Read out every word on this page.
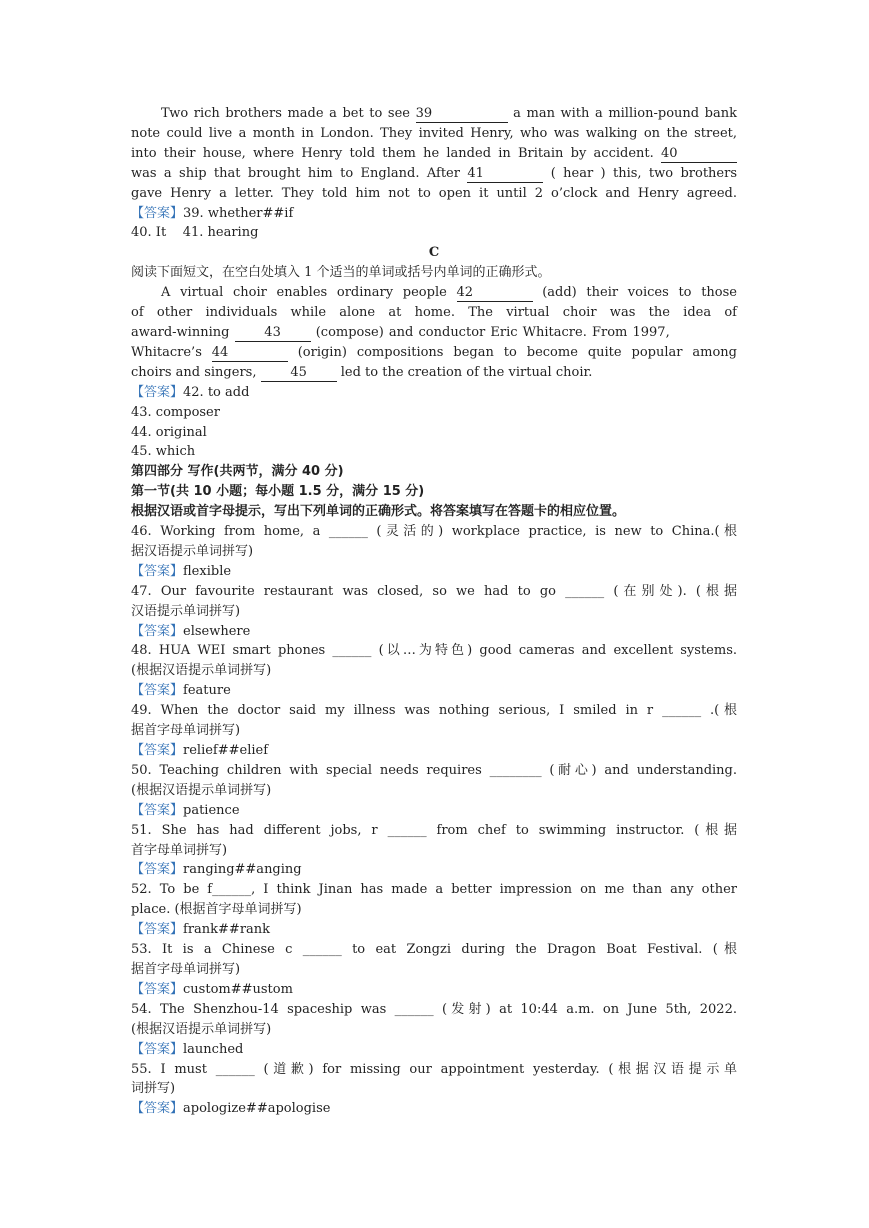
Two rich brothers made a bet to see 39	a man with a million-pound bank
note could live a month in London. They invited Henry, who was walking on the street,
into their house, where Henry told them he landed in Britain by accident. 40
was a ship that brought him to England. After 41	( hear ) this, two brothers
gave Henry a letter. They told him not to open it until 2 o’clock and Henry agreed.
【答案】39. whether##if
40. It    41. hearing
C
阅读下面短文，在空白处填入 1 个适当的单词或括号内单词的正确形式。
A virtual choir enables ordinary people 42	(add) their voices to those
of other individuals while alone at home. The virtual choir was the idea of
award-winning 43 (compose) and conductor Eric Whitacre. From 1997,
Whitacre’s 44	(origin) compositions began to become quite popular among
choirs and singers, 45 led to the creation of the virtual choir.
【答案】42. to add
43. composer
44. original
45. which
第四部分 写作(共两节，满分 40 分)
第一节(共 10 小题；每小题 1.5 分，满分 15 分)
根据汉语或首字母提示，写出下列单词的正确形式。将答案填写在答题卡的相应位置。
46. Working from home, a ______ (灵活的) workplace practice, is new to China.(根
据汉语提示单词拼写)
【答案】flexible
47. Our favourite restaurant was closed, so we had to go ______ (在别处). (根据
汉语提示单词拼写)
【答案】elsewhere
48. HUA WEI smart phones ______ (以…为特色) good cameras and excellent systems.
(根据汉语提示单词拼写)
【答案】feature
49. When the doctor said my illness was nothing serious, I smiled in r ______ .(根
据首字母单词拼写)
【答案】relief##elief
50. Teaching children with special needs requires ________ (耐心) and understanding.
(根据汉语提示单词拼写)
【答案】patience
51. She has had different jobs, r ______ from chef to swimming instructor. (根据
首字母单词拼写)
【答案】ranging##anging
52. To be f______, I think Jinan has made a better impression on me than any other
place. (根据首字母单词拼写)
【答案】frank##rank
53. It is a Chinese c ______ to eat Zongzi during the Dragon Boat Festival. (根
据首字母单词拼写)
【答案】custom##ustom
54. The Shenzhou-14 spaceship was ______ (发射) at 10:44 a.m. on June 5th, 2022.
(根据汉语提示单词拼写)
【答案】launched
55. I must ______ (道歉) for missing our appointment yesterday. (根据汉语提示单
词拼写)
【答案】apologize##apologise
